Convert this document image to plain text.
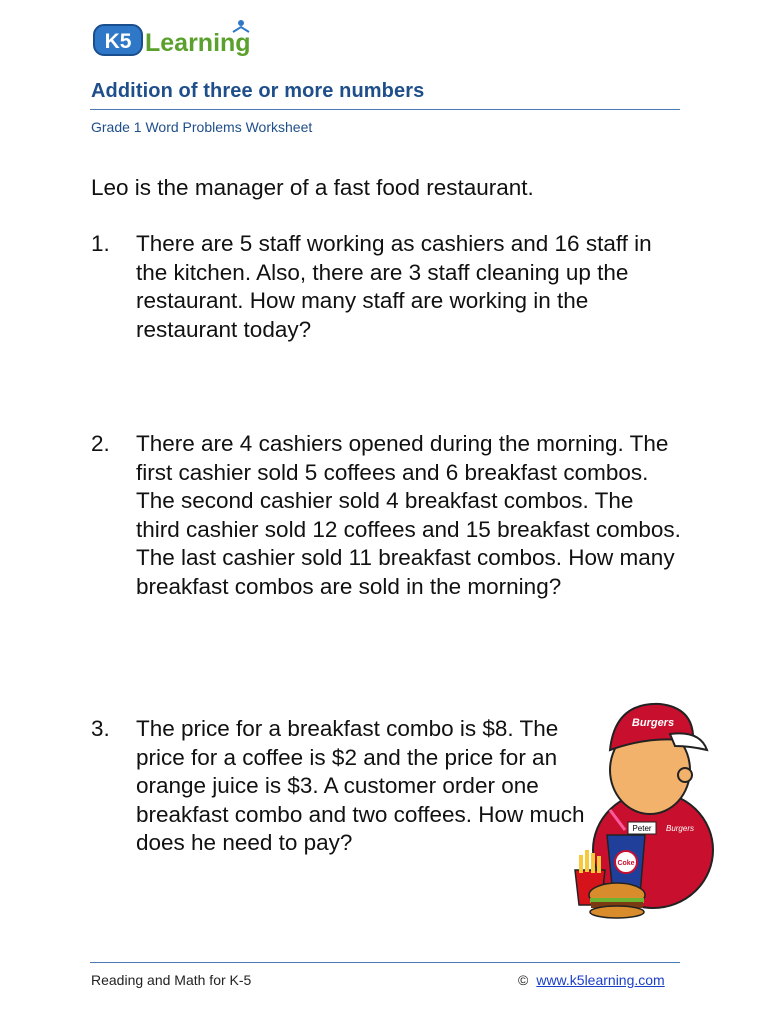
K5 Learning
Addition of three or more numbers
Grade 1 Word Problems Worksheet
Leo is the manager of a fast food restaurant.
1. There are 5 staff working as cashiers and 16 staff in the kitchen. Also, there are 3 staff cleaning up the restaurant. How many staff are working in the restaurant today?
2. There are 4 cashiers opened during the morning. The first cashier sold 5 coffees and 6 breakfast combos. The second cashier sold 4 breakfast combos. The third cashier sold 12 coffees and 15 breakfast combos. The last cashier sold 11 breakfast combos. How many breakfast combos are sold in the morning?
3. The price for a breakfast combo is $8. The price for a coffee is $2 and the price for an orange juice is $3. A customer order one breakfast combo and two coffees. How much does he need to pay?
Burgers
Peter Burgers
Coke
Reading and Math for K-5	© www.k5learning.com
